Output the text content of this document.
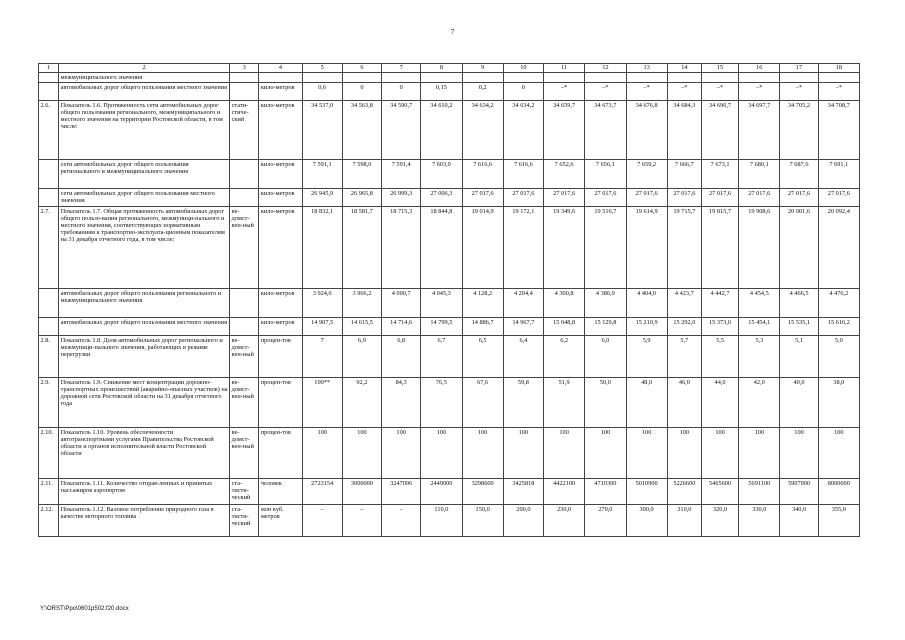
7
1	2	3	4	5	6	7	8	9	10	11	12	13	14	15	16	17	18
	межмуниципального значения																
	автомобильных дорог общего пользования местного значения		кило-метров	0,6	0	0	0,15	0,2	0	–*	–*	–*	–*	–*	–*	–*	–*
2.6.	Показатель 1.6. Протяженность сети автомобильных дорог общего пользования регионального, межмуниципального и местного значения на территории Ростовской области, в том числе:	стати-стиче-ский	кило-метров	34 537,0	34 563,8	34 590,7	34 610,2	34 634,2	34 634,2	34 659,7	34 673,7	34 676,8	34 684,3	34 690,7	34 697,7	34 705,2	34 708,7
	сети автомобильных дорог общего пользования регионального и межмуниципального значения		кило-метров	7 591,1	7 598,0	7 591,4	7 603,9	7 616,6	7 616,6	7 652,6	7 656,1	7 659,2	7 666,7	7 673,1	7 680,1	7 687,6	7 691,1
	сети автомобильных дорог общего пользования местного значения		кило-метров	26 945,9	26 965,8	26 999,3	27 006,3	27 017,6	27 017,6	27 017,6	27 017,6	27 017,6	27 017,6	27 017,6	27 017,6	27 017,6	27 017,6
2.7.	Показатель 1.7. Общая протяженность автомобильных дорог общего пользо-вания регионального, межмуници-пального и местного значения, соответствующих нормативным требованиям к транспортно-эксплуата-ционным показателям на 31 декабря отчетного года, в том числе:	ве-домст-вен-ный	кило-метров	18 832,1	18 581,7	18 715,3	18 844,8	19 014,9	19 172,1	19 349,6	19 516,7	19 614,9	19 715,7	19 815,7	19 908,6	20 001,6	20 092,4
	автомобильных дорог общего пользования регионального и межмуниципального значения		кило-метров	3 924,6	3 966,2	4 000,7	4 045,3	4 128,2	4 204,4	4 300,8	4 386,9	4 404,0	4 423,7	4 442,7	4 454,5	4 466,5	4 476,2
	автомобильных дорог общего пользования местного значения		кило-метров	14 907,5	14 615,5	14 714,6	14 799,5	14 886,7	14 967,7	15 048,8	15 129,8	15 210,9	15 292,0	15 373,0	15 454,1	15 535,1	15 616,2
2.8.	Показатель 1.8. Доля автомобильных дорог регионального и межмуници-пального значения, работающих в режиме перегрузки	ве-домст-вен-ный	процен-тов	7	6,9	6,8	6,7	6,5	6,4	6,2	6,0	5,9	5,7	5,5	5,3	5,1	5,0
2.9.	Показатель 1.9. Снижение мест концентрации дорожно-транспортных происшествий (аварийно-опасных участков) на дорожной сети Ростовской области на 31 декабря отчетного года	ве-домст-вен-ный	процен-тов	100**	92,2	84,3	76,5	67,6	59,8	51,9	50,0	48,0	46,0	44,0	42,0	40,0	38,0
2.10.	Показатель 1.10. Уровень обеспеченности автотранспортными услугами Правительства Ростовской области и органов исполнительной власти Ростовской области	ве-домст-вен-ный	процен-тов	100	100	100	100	100	100	100	100	100	100	100	100	100	100
2.11.	Показатель 1.11. Количество отправ-ленных и принятых пассажиров аэропортом	ста-тисти-ческий	человек	2723154	3000000	3247096	2449000	3298600	3425818	4422100	4710300	5010900	5226600	5465600	5691100	5907900	8000000
2.12.	Показатель 1.12. Валовое потребление природного газа в качестве моторного топлива	ста-тисти-ческий	млн куб. метров	–	–	–	110,0	150,0	200,0	230,0	270,0	300,0	310,0	320,0	330,0	340,0	355,0
Y:\ORST\Ppo\0601p502.f20.docx
